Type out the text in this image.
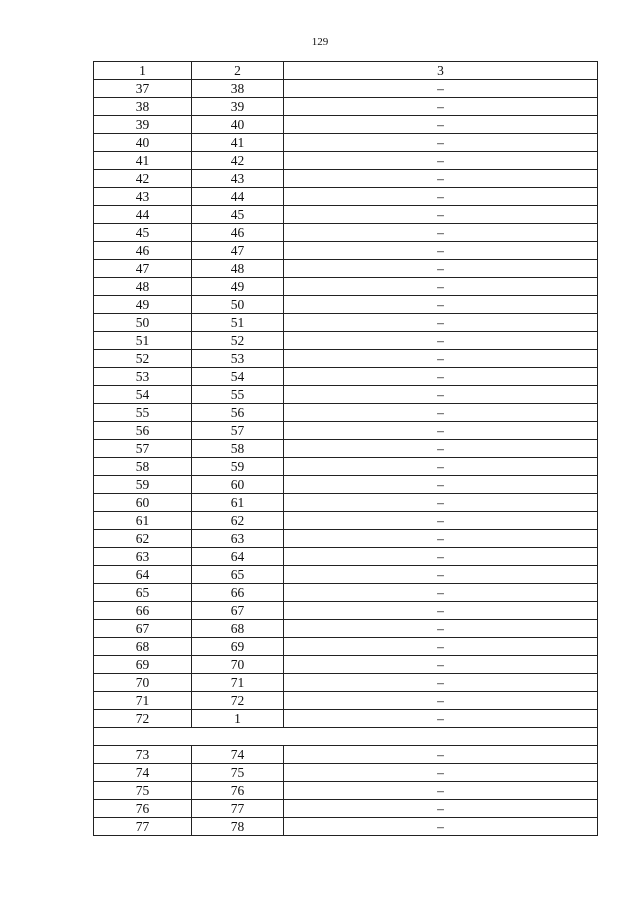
129
1	2	3
37	38	–
38	39	–
39	40	–
40	41	–
41	42	–
42	43	–
43	44	–
44	45	–
45	46	–
46	47	–
47	48	–
48	49	–
49	50	–
50	51	–
51	52	–
52	53	–
53	54	–
54	55	–
55	56	–
56	57	–
57	58	–
58	59	–
59	60	–
60	61	–
61	62	–
62	63	–
63	64	–
64	65	–
65	66	–
66	67	–
67	68	–
68	69	–
69	70	–
70	71	–
71	72	–
72	1	–

73	74	–
74	75	–
75	76	–
76	77	–
77	78	–
